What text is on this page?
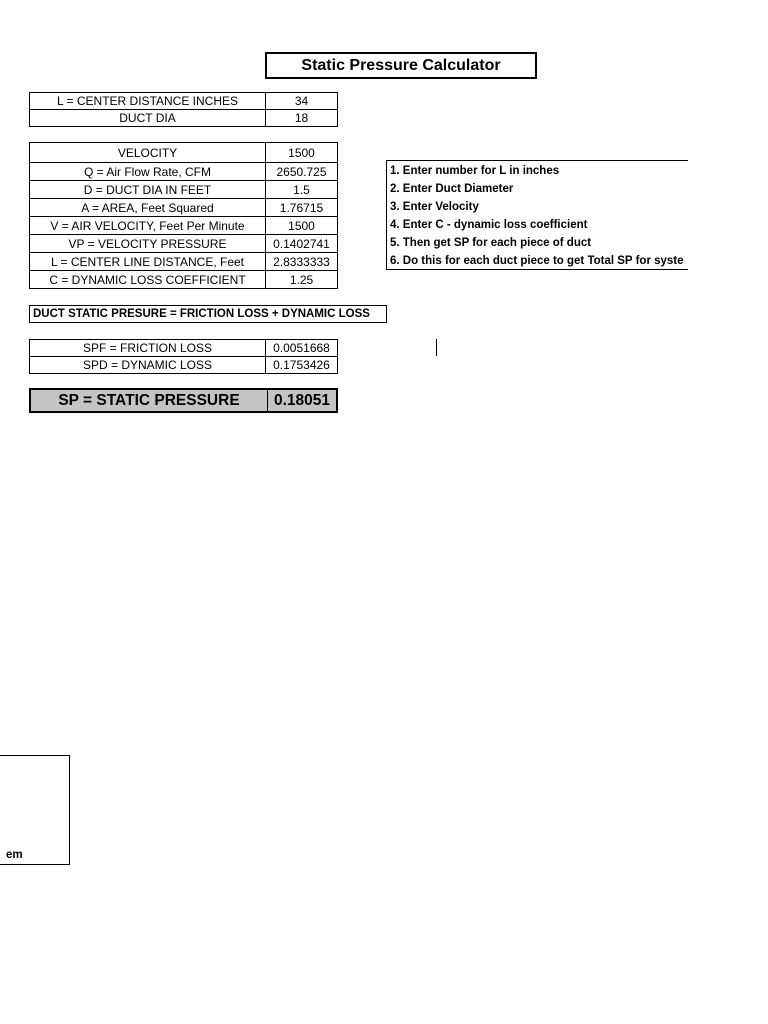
Static Pressure Calculator
L = CENTER DISTANCE INCHES	34
DUCT DIA	18
VELOCITY	1500
Q = Air Flow Rate, CFM	2650.725
D = DUCT DIA IN FEET	1.5
A = AREA, Feet Squared	1.76715
V = AIR VELOCITY, Feet Per Minute	1500
VP = VELOCITY PRESSURE	0.1402741
L = CENTER LINE DISTANCE, Feet	2.8333333
C = DYNAMIC LOSS COEFFICIENT	1.25
1. Enter number for L in inches
2. Enter Duct Diameter
3. Enter Velocity
4. Enter C - dynamic loss coefficient
5. Then get SP for each piece of duct
6. Do this for each duct piece to get Total SP for syste
DUCT STATIC PRESURE = FRICTION LOSS + DYNAMIC LOSS
SPF = FRICTION LOSS	0.0051668
SPD = DYNAMIC LOSS	0.1753426
SP = STATIC PRESSURE	0.18051
em
